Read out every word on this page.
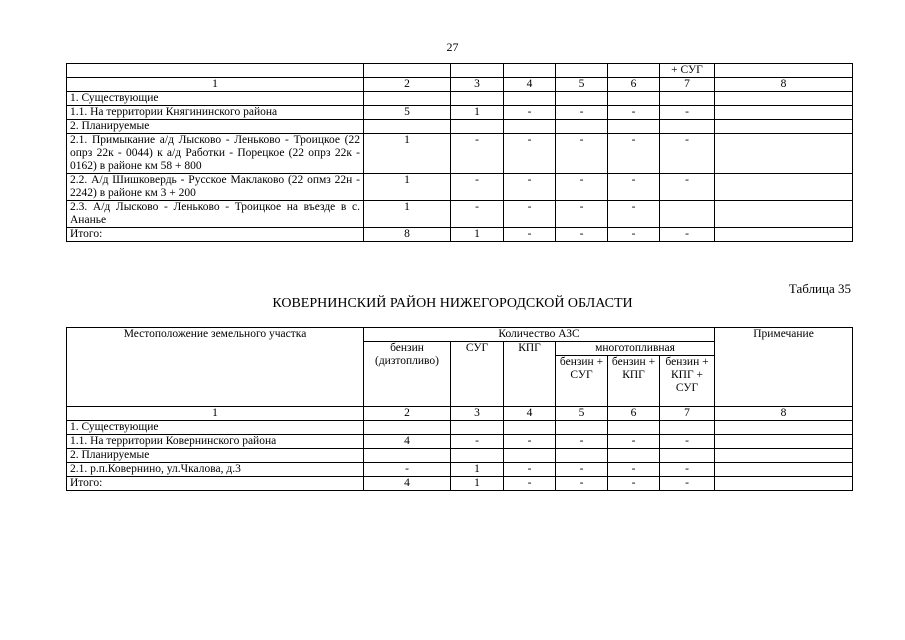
27
						+ СУГ	
1	2	3	4	5	6	7	8
1. Существующие							
1.1. На территории Княгининского района	5	1	-	-	-	-	
2. Планируемые							
2.1. Примыкание а/д Лысково - Леньково - Троицкое (22 опрз 22к - 0044) к а/д Работки - Порецкое (22 опрз 22к - 0162) в районе км 58 + 800	1	-	-	-	-	-	
2.2. А/д Шишковердь - Русское Маклаково (22 опмз 22н - 2242) в районе км 3 + 200	1	-	-	-	-	-	
2.3. А/д Лысково - Леньково - Троицкое на въезде в с. Ананье	1	-	-	-	-		
Итого:	8	1	-	-	-	-	
Таблица 35
КОВЕРНИНСКИЙ РАЙОН НИЖЕГОРОДСКОЙ ОБЛАСТИ
Местоположение земельного участка	Количество АЗС						Примечание
	бензин (дизтопливо)	СУГ	КПГ	многотопливная			
				бензин + СУГ	бензин + КПГ	бензин + КПГ + СУГ	
1	2	3	4	5	6	7	8
1. Существующие							
1.1. На территории Ковернинского района	4	-	-	-	-	-	
2. Планируемые							
2.1. р.п.Ковернино, ул.Чкалова, д.3	-	1	-	-	-	-	
Итого:	4	1	-	-	-	-	
